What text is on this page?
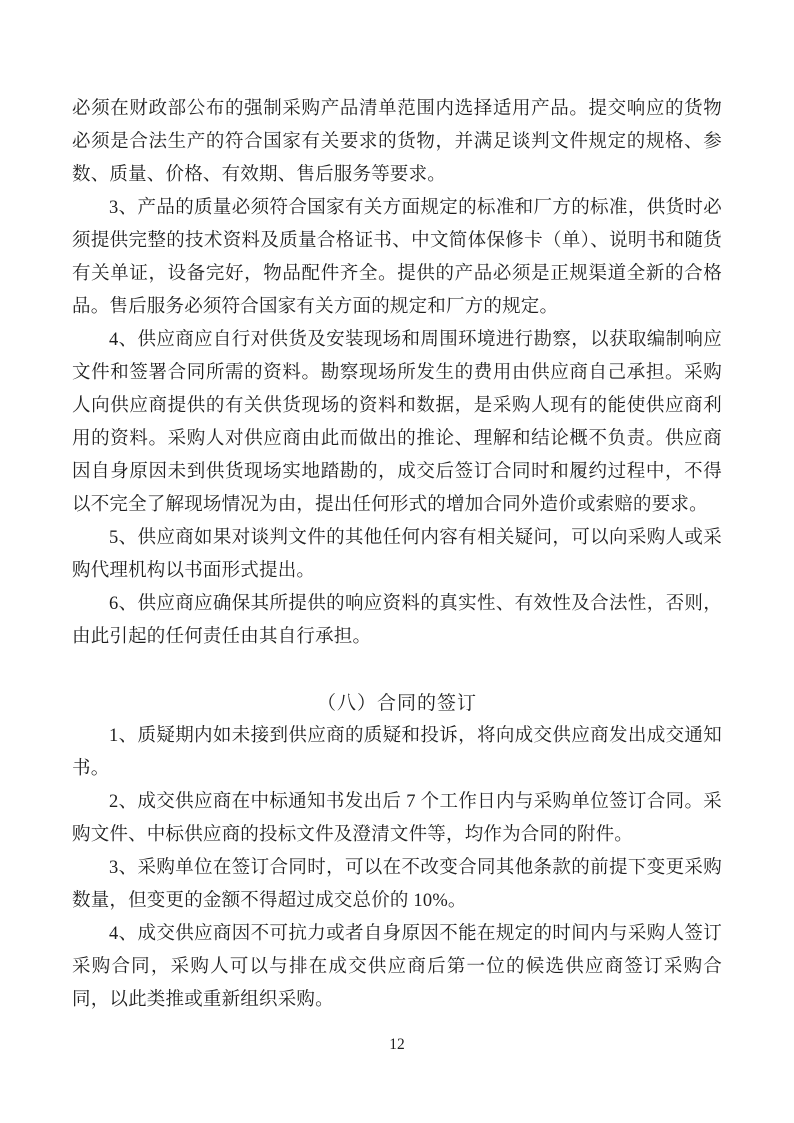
必须在财政部公布的强制采购产品清单范围内选择适用产品。提交响应的货物必须是合法生产的符合国家有关要求的货物，并满足谈判文件规定的规格、参数、质量、价格、有效期、售后服务等要求。

3、产品的质量必须符合国家有关方面规定的标准和厂方的标准，供货时必须提供完整的技术资料及质量合格证书、中文简体保修卡（单）、说明书和随货有关单证，设备完好，物品配件齐全。提供的产品必须是正规渠道全新的合格品。售后服务必须符合国家有关方面的规定和厂方的规定。

4、供应商应自行对供货及安装现场和周围环境进行勘察，以获取编制响应文件和签署合同所需的资料。勘察现场所发生的费用由供应商自己承担。采购人向供应商提供的有关供货现场的资料和数据，是采购人现有的能使供应商利用的资料。采购人对供应商由此而做出的推论、理解和结论概不负责。供应商因自身原因未到供货现场实地踏勘的，成交后签订合同时和履约过程中，不得以不完全了解现场情况为由，提出任何形式的增加合同外造价或索赔的要求。

5、供应商如果对谈判文件的其他任何内容有相关疑问，可以向采购人或采购代理机构以书面形式提出。

6、供应商应确保其所提供的响应资料的真实性、有效性及合法性，否则，由此引起的任何责任由其自行承担。

（八）合同的签订

1、质疑期内如未接到供应商的质疑和投诉，将向成交供应商发出成交通知书。

2、成交供应商在中标通知书发出后 7 个工作日内与采购单位签订合同。采购文件、中标供应商的投标文件及澄清文件等，均作为合同的附件。

3、采购单位在签订合同时，可以在不改变合同其他条款的前提下变更采购数量，但变更的金额不得超过成交总价的 10%。

4、成交供应商因不可抗力或者自身原因不能在规定的时间内与采购人签订采购合同，采购人可以与排在成交供应商后第一位的候选供应商签订采购合同，以此类推或重新组织采购。

12
